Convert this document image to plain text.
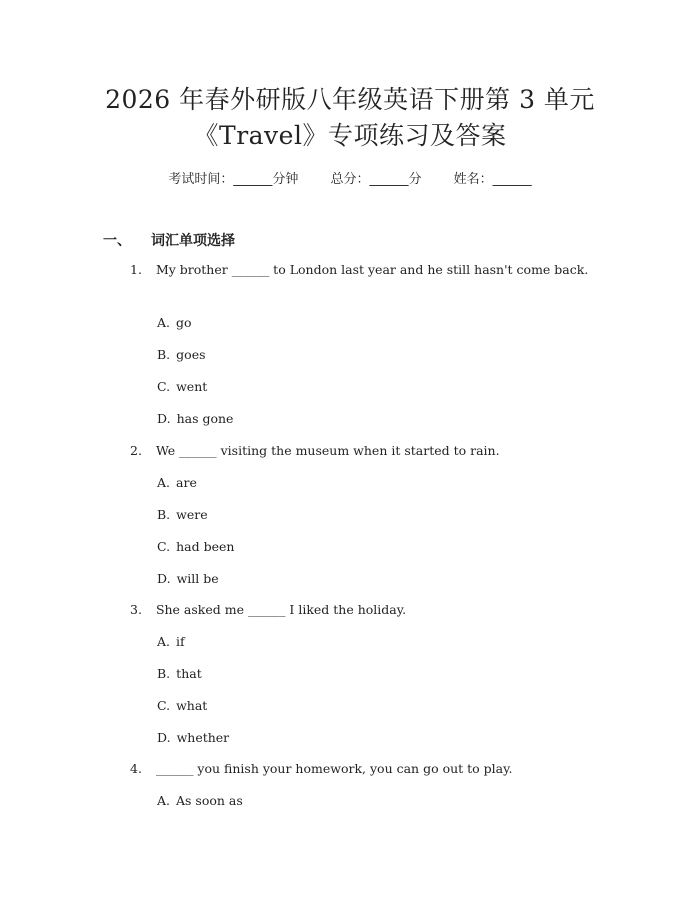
2026 年春外研版八年级英语下册第 3 单元
《Travel》专项练习及答案
考试时间：______分钟 总分：______分 姓名：______
一、 词汇单项选择
1. My brother ______ to London last year and he still hasn't come back.
A. go
B. goes
C. went
D. has gone
2. We ______ visiting the museum when it started to rain.
A. are
B. were
C. had been
D. will be
3. She asked me ______ I liked the holiday.
A. if
B. that
C. what
D. whether
4. ______ you finish your homework, you can go out to play.
A. As soon as
